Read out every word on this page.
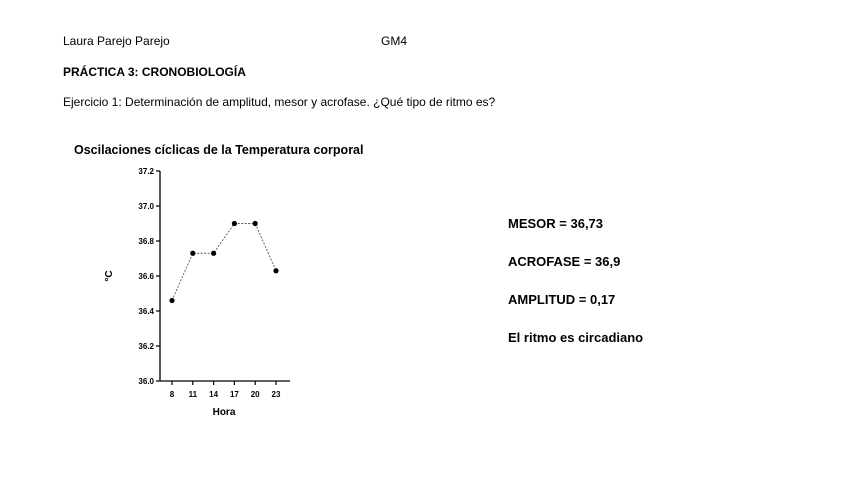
Laura Parejo Parejo	GM4
PRÁCTICA 3: CRONOBIOLOGÍA
Ejercicio 1: Determinación de amplitud, mesor y acrofase. ¿Qué tipo de ritmo es?
Oscilaciones cíclicas de la Temperatura corporal
37.2
37.0
36.8
36.6
36.4
36.2
36.0
8 11 14 17 20 23
°C
Hora
MESOR = 36,73
ACROFASE = 36,9
AMPLITUD = 0,17
El ritmo es circadiano
